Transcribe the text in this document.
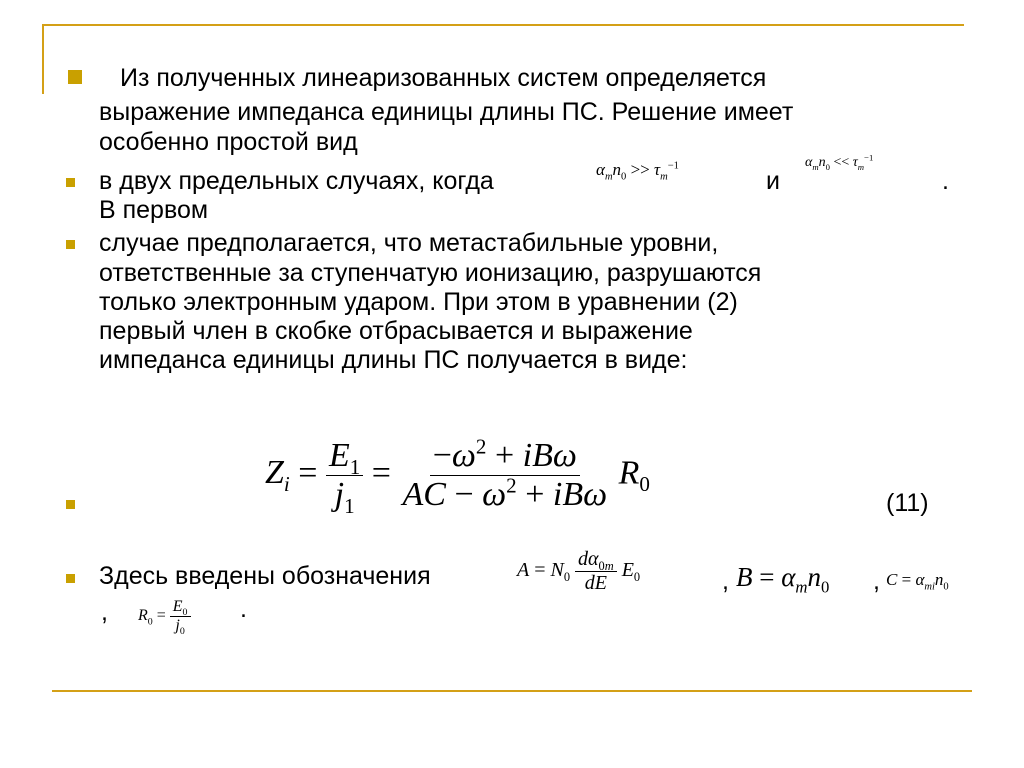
Из полученных линеаризованных систем определяется
выражение импеданса единицы длины ПС. Решение имеет
особенно простой вид
в двух предельных случаях, когда	$\alpha_mn_0 >> \tau_m^{-1}$
и
$\alpha_mn_0 << \tau_m^{-1}$
.
В первом
случае предполагается, что метастабильные уровни,
ответственные за ступенчатую ионизацию, разрушаются
только электронным ударом. При этом в уравнении (2)
первый член в скобке отбрасывается и выражение
импеданса единицы длины ПС получается в виде:
$Z_i = \frac{E_1}{j_1} = \frac{-\omega^2 + iB\omega}{AC - \omega^2 + iB\omega} R_0$
(11)
Здесь введены обозначения	$A = N_0 \frac{d\alpha_{0m}}{dE} E_0$	, $B = \alpha_mn_0$ , $C = \alpha_{mi}n_0$
, $R_0 = \frac{E_0}{j_0}$ .
